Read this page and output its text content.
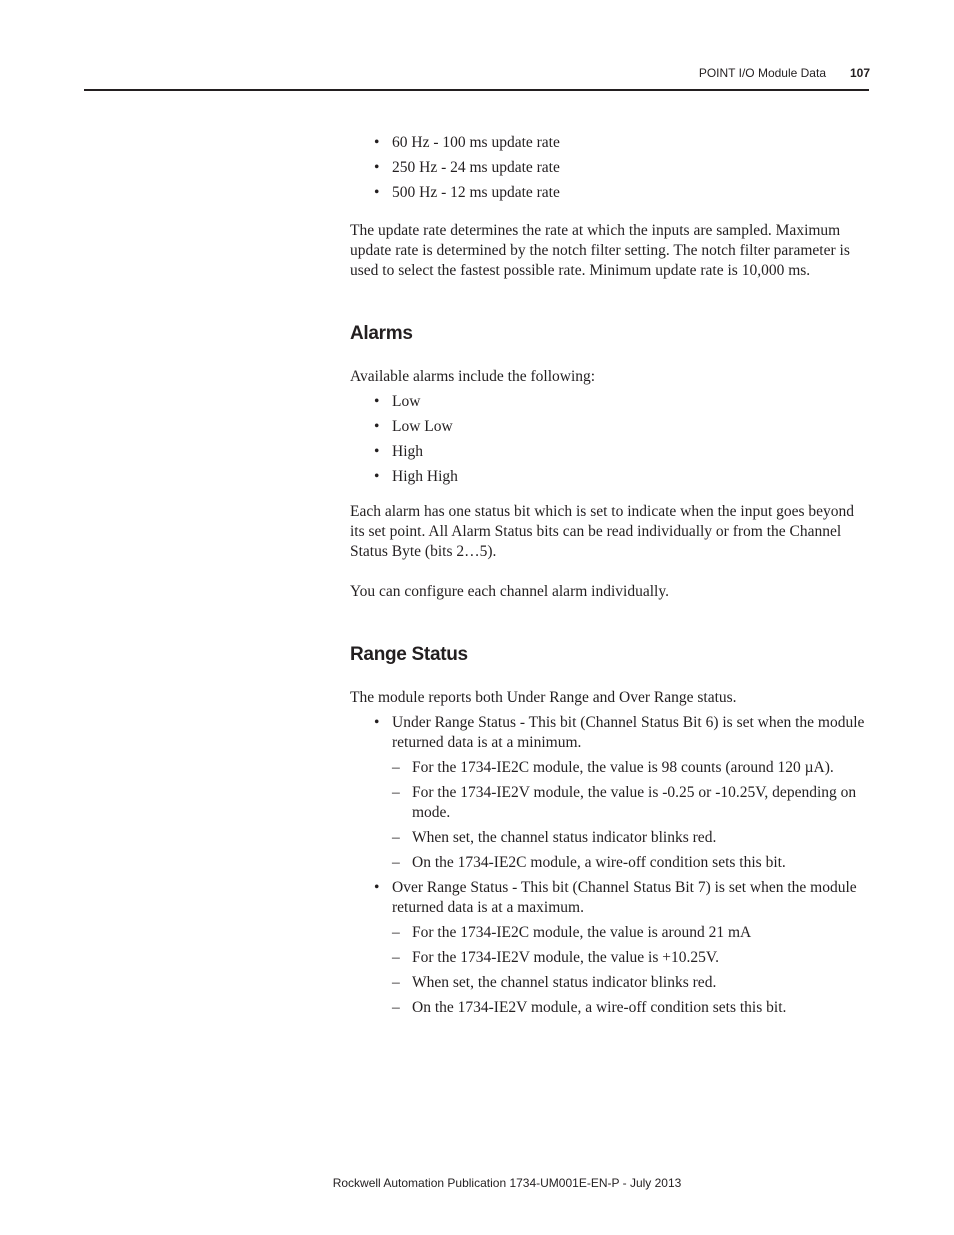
POINT I/O Module Data 107
• 60 Hz - 100 ms update rate
• 250 Hz - 24 ms update rate
• 500 Hz - 12 ms update rate

The update rate determines the rate at which the inputs are sampled. Maximum update rate is determined by the notch filter setting. The notch filter parameter is used to select the fastest possible rate. Minimum update rate is 10,000 ms.

Alarms

Available alarms include the following:

• Low
• Low Low
• High
• High High

Each alarm has one status bit which is set to indicate when the input goes beyond its set point. All Alarm Status bits can be read individually or from the Channel Status Byte (bits 2…5).

You can configure each channel alarm individually.

Range Status

The module reports both Under Range and Over Range status.

• Under Range Status - This bit (Channel Status Bit 6) is set when the module returned data is at a minimum.
– For the 1734-IE2C module, the value is 98 counts (around 120 µA).
– For the 1734-IE2V module, the value is -0.25 or -10.25V, depending on mode.
– When set, the channel status indicator blinks red.
– On the 1734-IE2C module, a wire-off condition sets this bit.
• Over Range Status - This bit (Channel Status Bit 7) is set when the module returned data is at a maximum.
– For the 1734-IE2C module, the value is around 21 mA
– For the 1734-IE2V module, the value is +10.25V.
– When set, the channel status indicator blinks red.
– On the 1734-IE2V module, a wire-off condition sets this bit.
Rockwell Automation Publication 1734-UM001E-EN-P - July 2013
